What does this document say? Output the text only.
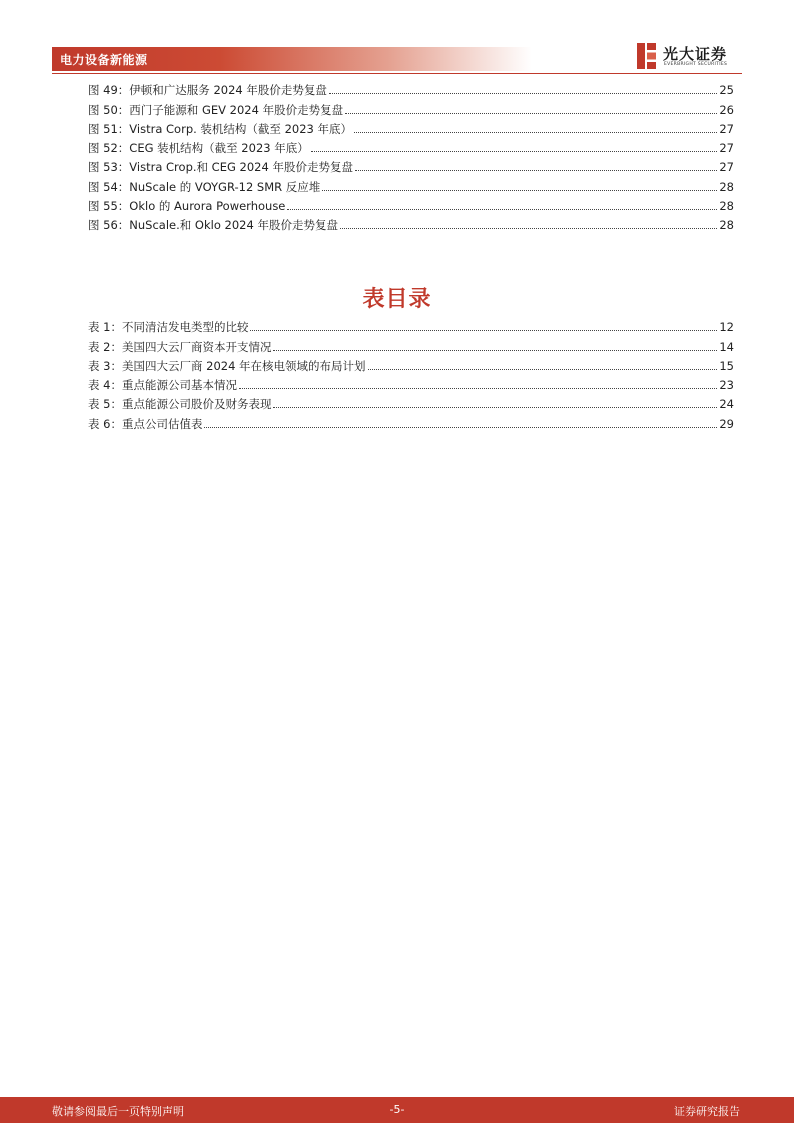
电力设备新能源	光大证券
EVERBRIGHT SECURITIES
图 49：伊顿和广达服务 2024 年股价走势复盘	25
图 50：西门子能源和 GEV 2024 年股价走势复盘	26
图 51：Vistra Corp. 装机结构（截至 2023 年底）	27
图 52：CEG 装机结构（截至 2023 年底）	27
图 53：Vistra Crop.和 CEG 2024 年股价走势复盘	27
图 54：NuScale 的 VOYGR-12 SMR 反应堆	28
图 55：Oklo 的 Aurora Powerhouse	28
图 56：NuScale.和 Oklo 2024 年股价走势复盘	28
表目录
表 1：不同清洁发电类型的比较	12
表 2：美国四大云厂商资本开支情况	14
表 3：美国四大云厂商 2024 年在核电领域的布局计划	15
表 4：重点能源公司基本情况	23
表 5：重点能源公司股价及财务表现	24
表 6：重点公司估值表	29
敬请参阅最后一页特别声明	-5-	证券研究报告
